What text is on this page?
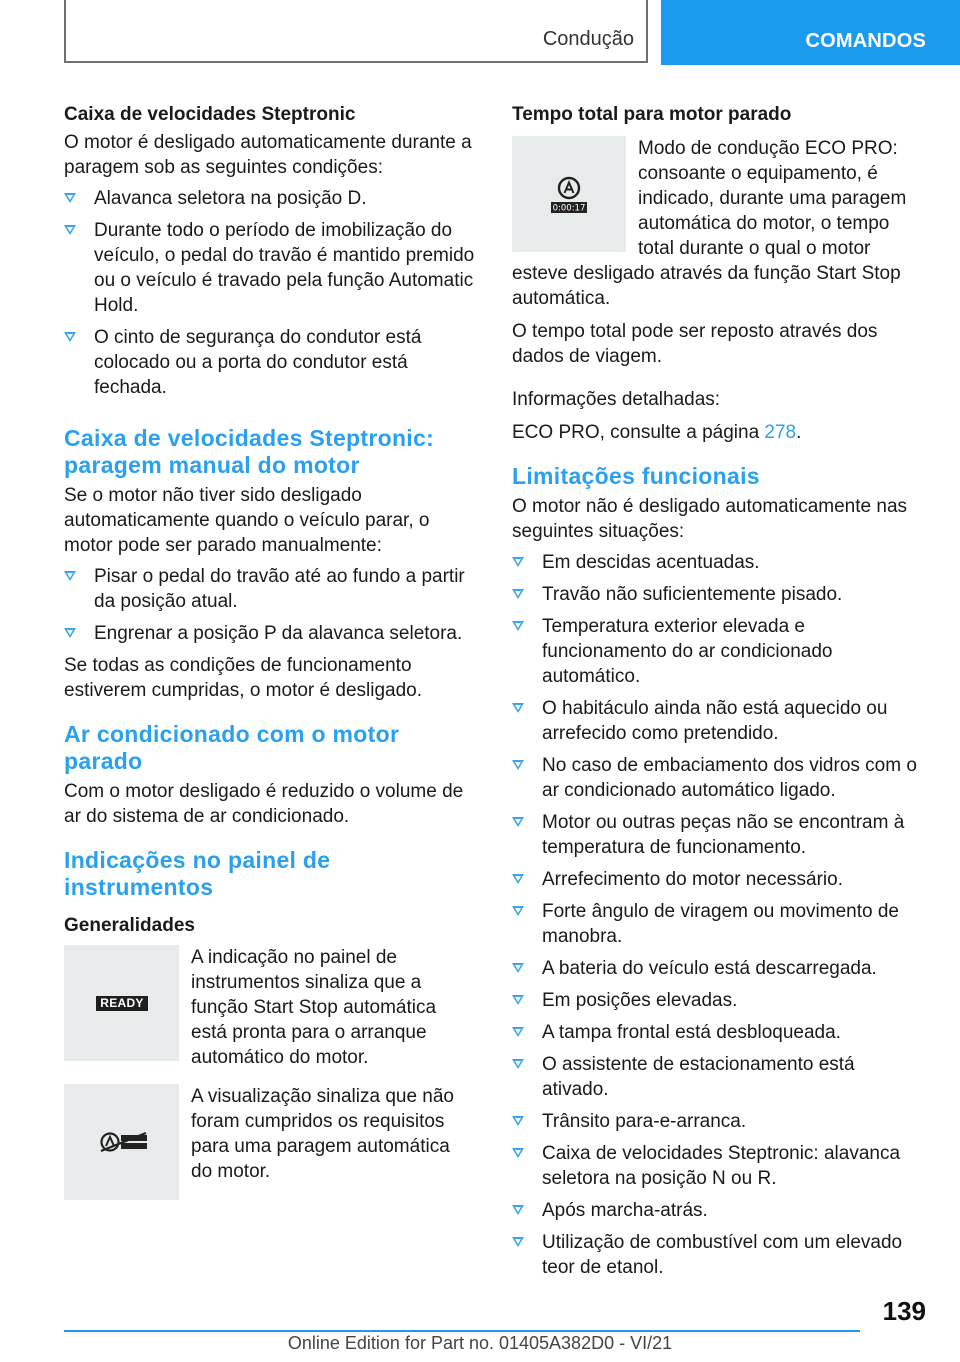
Condução	COMANDOS
Caixa de velocidades Steptronic

O motor é desligado automaticamente durante a paragem sob as seguintes condições:

Alavanca seletora na posição D.
Durante todo o período de imobilização do veículo, o pedal do travão é mantido premido ou o veículo é travado pela função Automatic Hold.
O cinto de segurança do condutor está colocado ou a porta do condutor está fechada.
Caixa de velocidades Steptronic: paragem manual do motor

Se o motor não tiver sido desligado automaticamente quando o veículo parar, o motor pode ser parado manualmente:

Pisar o pedal do travão até ao fundo a partir da posição atual.
Engrenar a posição P da alavanca seletora.

Se todas as condições de funcionamento estiverem cumpridas, o motor é desligado.

Ar condicionado com o motor parado

Com o motor desligado é reduzido o volume de ar do sistema de ar condicionado.

Indicações no painel de instrumentos
Generalidades
READY

A indicação no painel de instrumentos sinaliza que a função Start Stop automática está pronta para o arranque automático do motor.

A visualização sinaliza que não foram cumpridos os requisitos para uma paragem automática do motor.

Tempo total para motor parado
0:00:17

Modo de condução ECO PRO: consoante o equipamento, é indicado, durante uma paragem automática do motor, o tempo total durante o qual o motor esteve desligado através da função Start Stop automática.

O tempo total pode ser reposto através dos dados de viagem.

Informações detalhadas:

ECO PRO, consulte a página 278.

Limitações funcionais

O motor não é desligado automaticamente nas seguintes situações:

Em descidas acentuadas.
Travão não suficientemente pisado.
Temperatura exterior elevada e funcionamento do ar condicionado automático.
O habitáculo ainda não está aquecido ou arrefecido como pretendido.
No caso de embaciamento dos vidros com o ar condicionado automático ligado.
Motor ou outras peças não se encontram à temperatura de funcionamento.
Arrefecimento do motor necessário.
Forte ângulo de viragem ou movimento de manobra.
A bateria do veículo está descarregada.
Em posições elevadas.
A tampa frontal está desbloqueada.
O assistente de estacionamento está ativado.
Trânsito para-e-arranca.
Caixa de velocidades Steptronic: alavanca seletora na posição N ou R.
Após marcha-atrás.
Utilização de combustível com um elevado teor de etanol.
139
Online Edition for Part no. 01405A382D0 - VI/21
